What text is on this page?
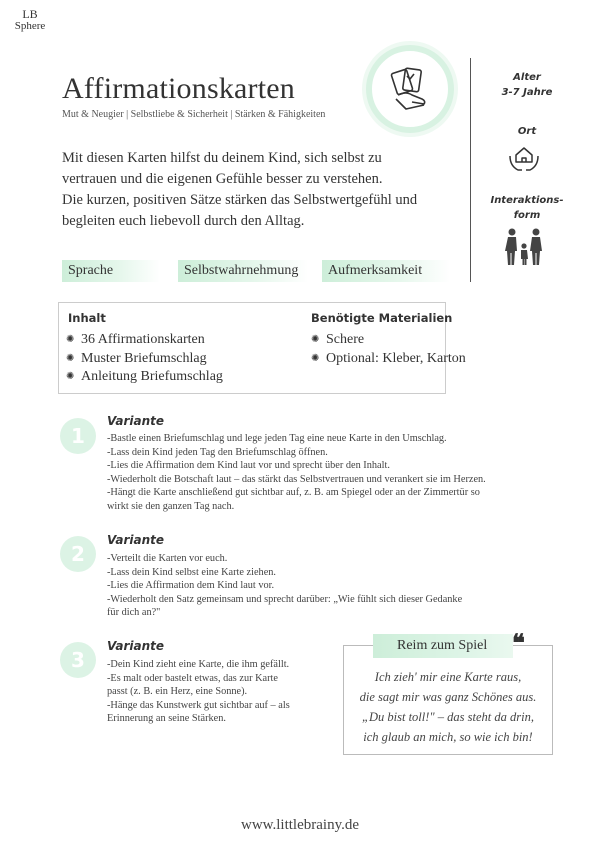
LB
Sphere
Affirmationskarten
Mut & Neugier | Selbstliebe & Sicherheit | Stärken & Fähigkeiten
Alter
3-7 Jahre
Ort
Interaktions-
form
Mit diesen Karten hilfst du deinem Kind, sich selbst zu
vertrauen und die eigenen Gefühle besser zu verstehen.
Die kurzen, positiven Sätze stärken das Selbstwertgefühl und
begleiten euch liebevoll durch den Alltag.
Sprache	Selbstwahrnehmung	Aufmerksamkeit
Inhalt
✺ 36 Affirmationskarten
✺ Muster Briefumschlag
✺ Anleitung Briefumschlag
Benötigte Materialien
✺ Schere
✺ Optional: Kleber, Karton
1
Variante

-Bastle einen Briefumschlag und lege jeden Tag eine neue Karte in den Umschlag.

-Lass dein Kind jeden Tag den Briefumschlag öffnen.

-Lies die Affirmation dem Kind laut vor und sprecht über den Inhalt.

-Wiederholt die Botschaft laut – das stärkt das Selbstvertrauen und verankert sie im Herzen.

-Hängt die Karte anschließend gut sichtbar auf, z. B. am Spiegel oder an der Zimmertür so

wirkt sie den ganzen Tag nach.

2
Variante

-Verteilt die Karten vor euch.

-Lass dein Kind selbst eine Karte ziehen.

-Lies die Affirmation dem Kind laut vor.

-Wiederholt den Satz gemeinsam und sprecht darüber: „Wie fühlt sich dieser Gedanke

für dich an?"

3
Variante

-Dein Kind zieht eine Karte, die ihm gefällt.

-Es malt oder bastelt etwas, das zur Karte

passt (z. B. ein Herz, eine Sonne).

-Hänge das Kunstwerk gut sichtbar auf – als

Erinnerung an seine Stärken.

Reim zum Spiel	❝
Ich zieh' mir eine Karte raus,
die sagt mir was ganz Schönes aus.
„Du bist toll!" – das steht da drin,
ich glaub an mich, so wie ich bin!
www.littlebrainy.de
